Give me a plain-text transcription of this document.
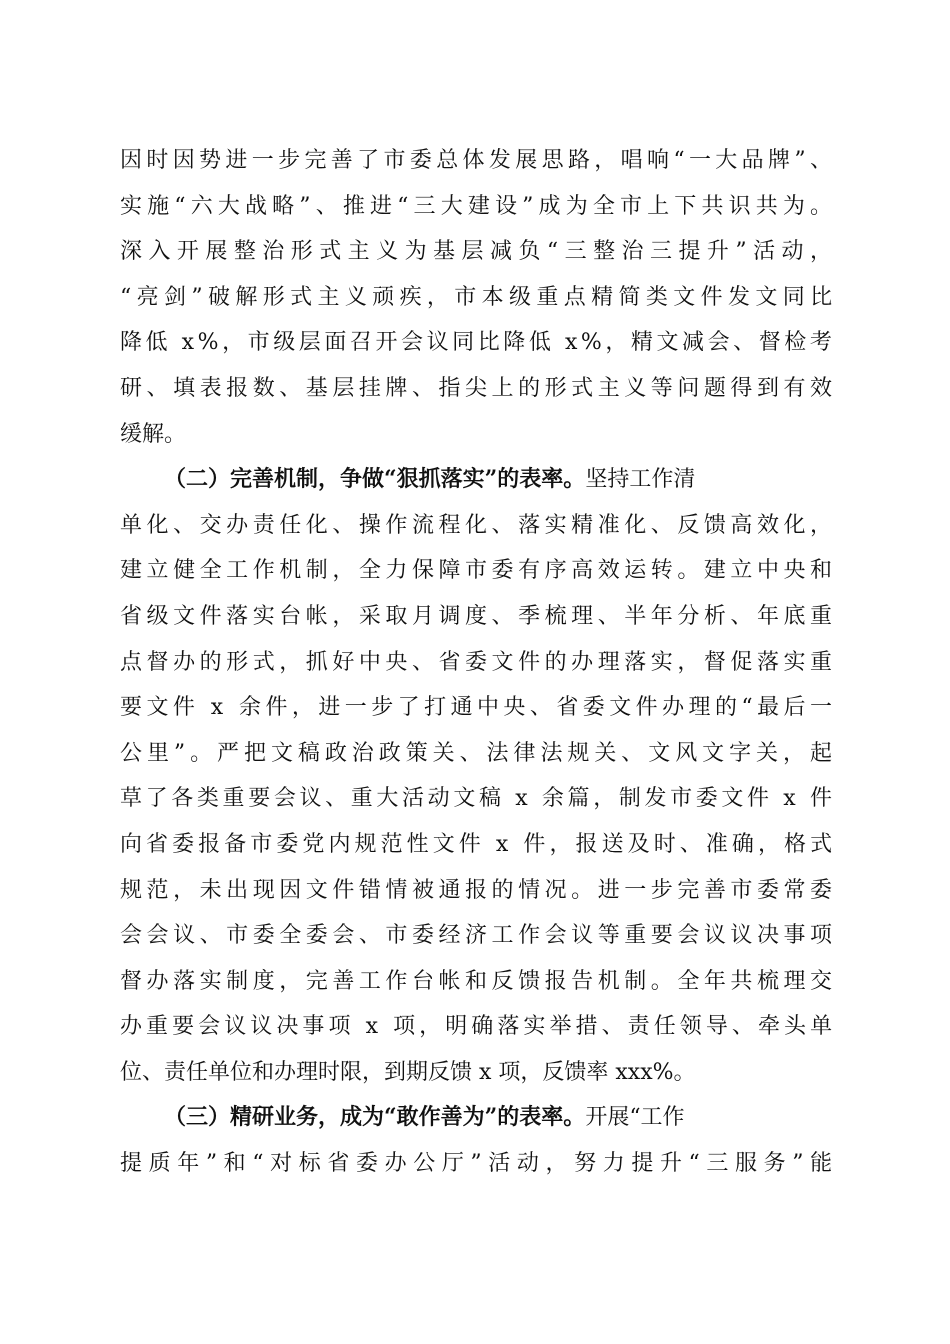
因时因势进一步完善了市委总体发展思路，唱响“一大品牌”、
实施“六大战略”、推进“三大建设”成为全市上下共识共为。
深入开展整治形式主义为基层减负“三整治三提升”活动，
“亮剑”破解形式主义顽疾，市本级重点精简类文件发文同比
降低 x%，市级层面召开会议同比降低 x%，精文减会、督检考
研、填表报数、基层挂牌、指尖上的形式主义等问题得到有效
缓解。
（二）完善机制，争做“狠抓落实”的表率。 坚持工作清
单化、交办责任化、操作流程化、落实精准化、反馈高效化，
建立健全工作机制，全力保障市委有序高效运转。建立中央和
省级文件落实台帐，采取月调度、季梳理、半年分析、年底重
点督办的形式，抓好中央、省委文件的办理落实，督促落实重
要文件 x 余件，进一步了打通中央、省委文件办理的“最后一
公里”。严把文稿政治政策关、法律法规关、文风文字关，起
草了各类重要会议、重大活动文稿 x 余篇，制发市委文件 x 件
向省委报备市委党内规范性文件 x 件，报送及时、准确，格式
规范，未出现因文件错情被通报的情况。进一步完善市委常委
会会议、市委全委会、市委经济工作会议等重要会议议决事项
督办落实制度，完善工作台帐和反馈报告机制。全年共梳理交
办重要会议议决事项 x 项，明确落实举措、责任领导、牵头单
位、责任单位和办理时限，到期反馈 x 项，反馈率 xxx%。
（三）精研业务，成为“敢作善为”的表率。 开展“工作
提质年”和“对标省委办公厅”活动，努力提升“三服务”能
